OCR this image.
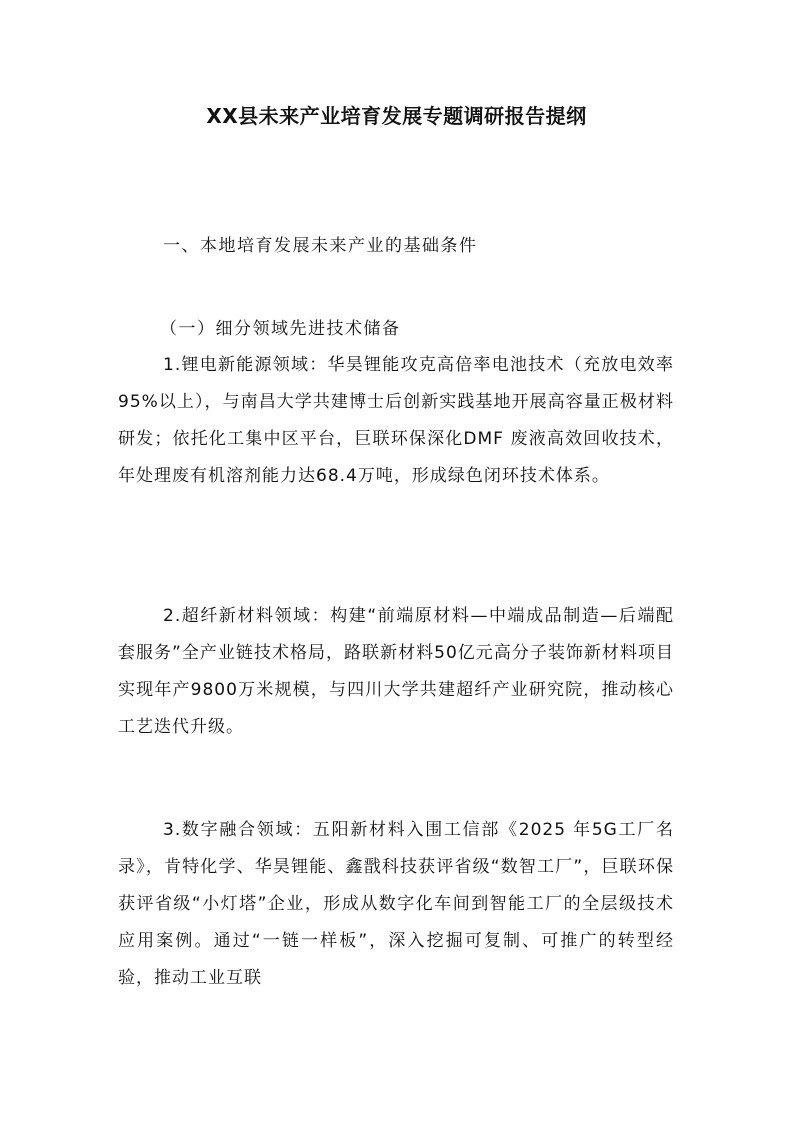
XX县未来产业培育发展专题调研报告提纲
一、本地培育发展未来产业的基础条件
（一）细分领域先进技术储备
1.锂电新能源领域：华昊锂能攻克高倍率电池技术（充放电效率95%以上），与南昌大学共建博士后创新实践基地开展高容量正极材料研发；依托化工集中区平台，巨联环保深化DMF 废液高效回收技术，年处理废有机溶剂能力达68.4万吨，形成绿色闭环技术体系。
2.超纤新材料领域：构建“前端原材料—中端成品制造—后端配套服务”全产业链技术格局，路联新材料50亿元高分子装饰新材料项目实现年产9800万米规模，与四川大学共建超纤产业研究院，推动核心工艺迭代升级。
3.数字融合领域：五阳新材料入围工信部《2025 年5G工厂名录》，肯特化学、华昊锂能、鑫戬科技获评省级“数智工厂”，巨联环保获评省级“小灯塔”企业，形成从数字化车间到智能工厂的全层级技术应用案例。通过“一链一样板”，深入挖掘可复制、可推广的转型经验，推动工业互联
